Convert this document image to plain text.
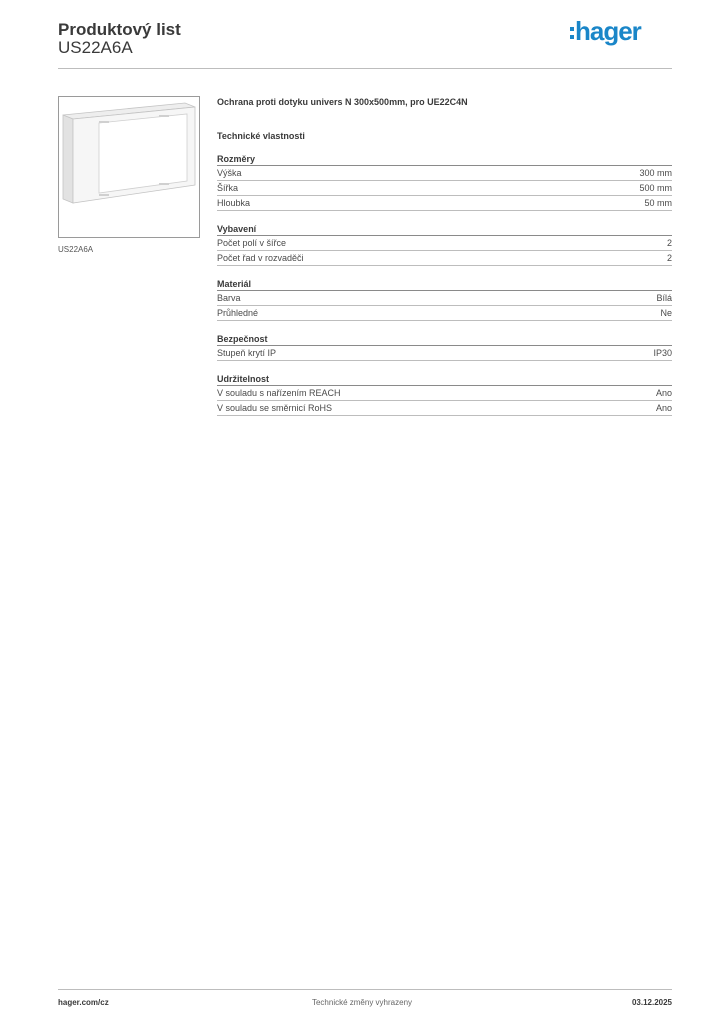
Produktový list
US22A6A
hager
US22A6A
Ochrana proti dotyku univers N 300x500mm, pro UE22C4N
Technické vlastnosti
Rozměry
Výška	300 mm
Šířka	500 mm
Hloubka	50 mm
Vybavení
Počet polí v šířce	2
Počet řad v rozvaděči	2
Materiál
Barva	Bílá
Průhledné	Ne
Bezpečnost
Stupeň krytí IP	IP30
Udržitelnost
V souladu s nařízením REACH	Ano
V souladu se směrnicí RoHS	Ano
hager.com/cz	Technické změny vyhrazeny	03.12.2025
